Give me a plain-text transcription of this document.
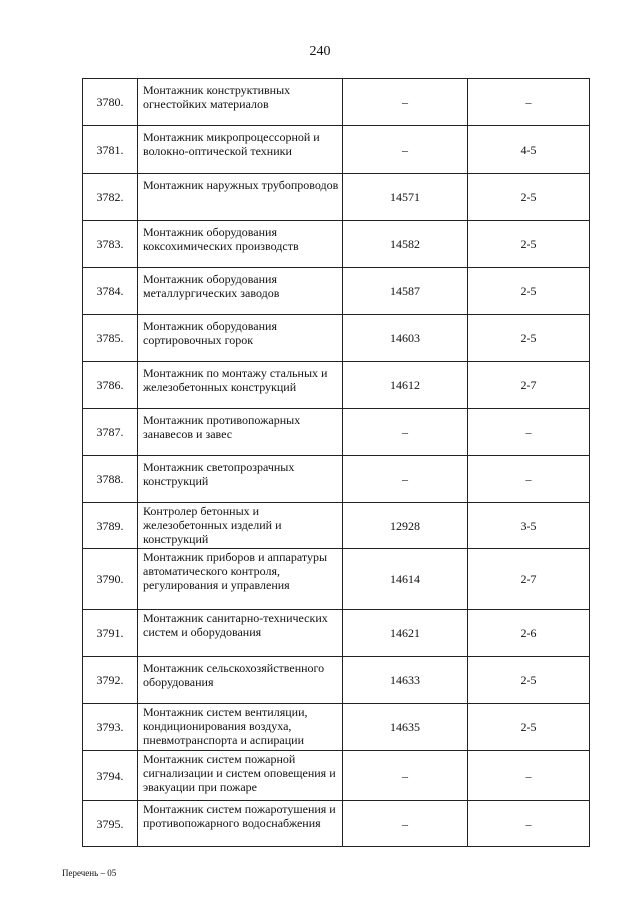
240
3780.	Монтажник конструктивных огнестойких материалов	–	–
3781.	Монтажник микропроцессорной и волокно-оптической техники	–	4-5
3782.	Монтажник наружных трубопроводов	14571	2-5
3783.	Монтажник оборудования коксохимических производств	14582	2-5
3784.	Монтажник оборудования металлургических заводов	14587	2-5
3785.	Монтажник оборудования сортировочных горок	14603	2-5
3786.	Монтажник по монтажу стальных и железобетонных конструкций	14612	2-7
3787.	Монтажник противопожарных занавесов и завес	–	–
3788.	Монтажник светопрозрачных конструкций	–	–
3789.	Контролер бетонных и железобетонных изделий и конструкций	12928	3-5
3790.	Монтажник приборов и аппаратуры автоматического контроля, регулирования и управления	14614	2-7
3791.	Монтажник санитарно-технических систем и оборудования	14621	2-6
3792.	Монтажник сельскохозяйственного оборудования	14633	2-5
3793.	Монтажник систем вентиляции, кондиционирования воздуха, пневмотранспорта и аспирации	14635	2-5
3794.	Монтажник систем пожарной сигнализации и систем оповещения и эвакуации при пожаре	–	–
3795.	Монтажник систем пожаротушения и противопожарного водоснабжения	–	–
Перечень – 05
